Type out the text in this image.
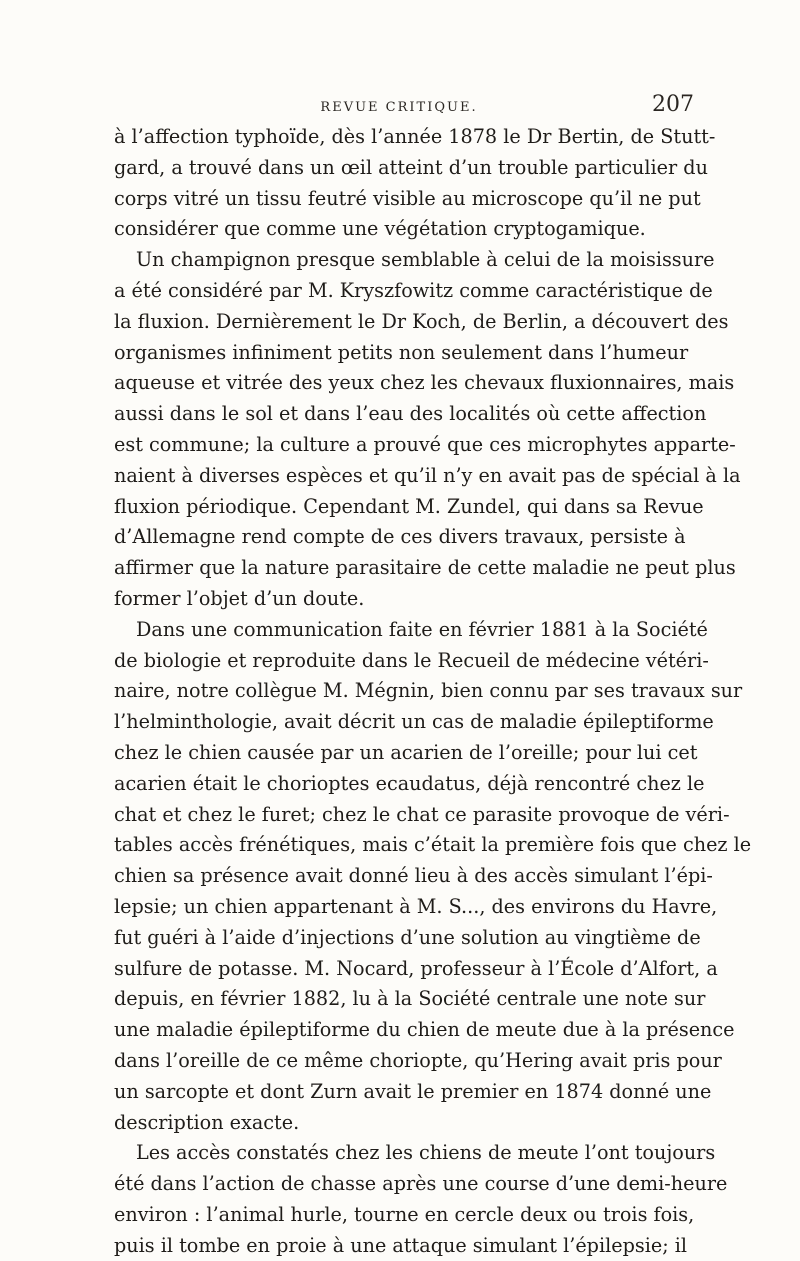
REVUE CRITIQUE.	207

à l’affection typhoïde, dès l’année 1878 le Dr Bertin, de Stutt-
gard, a trouvé dans un œil atteint d’un trouble particulier du
corps vitré un tissu feutré visible au microscope qu’il ne put
considérer que comme une végétation cryptogamique.

Un champignon presque semblable à celui de la moisissure
a été considéré par M. Kryszfowitz comme caractéristique de
la fluxion. Dernièrement le Dr Koch, de Berlin, a découvert des
organismes infiniment petits non seulement dans l’humeur
aqueuse et vitrée des yeux chez les chevaux fluxionnaires, mais
aussi dans le sol et dans l’eau des localités où cette affection
est commune; la culture a prouvé que ces microphytes apparte-
naient à diverses espèces et qu’il n’y en avait pas de spécial à la
fluxion périodique. Cependant M. Zundel, qui dans sa Revue
d’Allemagne rend compte de ces divers travaux, persiste à
affirmer que la nature parasitaire de cette maladie ne peut plus
former l’objet d’un doute.

Dans une communication faite en février 1881 à la Société
de biologie et reproduite dans le Recueil de médecine vétéri-
naire, notre collègue M. Mégnin, bien connu par ses travaux sur
l’helminthologie, avait décrit un cas de maladie épileptiforme
chez le chien causée par un acarien de l’oreille; pour lui cet
acarien était le chorioptes ecaudatus, déjà rencontré chez le
chat et chez le furet; chez le chat ce parasite provoque de véri-
tables accès frénétiques, mais c’était la première fois que chez le
chien sa présence avait donné lieu à des accès simulant l’épi-
lepsie; un chien appartenant à M. S..., des environs du Havre,
fut guéri à l’aide d’injections d’une solution au vingtième de
sulfure de potasse. M. Nocard, professeur à l’École d’Alfort, a
depuis, en février 1882, lu à la Société centrale une note sur
une maladie épileptiforme du chien de meute due à la présence
dans l’oreille de ce même choriopte, qu’Hering avait pris pour
un sarcopte et dont Zurn avait le premier en 1874 donné une
description exacte.

Les accès constatés chez les chiens de meute l’ont toujours
été dans l’action de chasse après une course d’une demi-heure
environ : l’animal hurle, tourne en cercle deux ou trois fois,
puis il tombe en proie à une attaque simulant l’épilepsie; il
